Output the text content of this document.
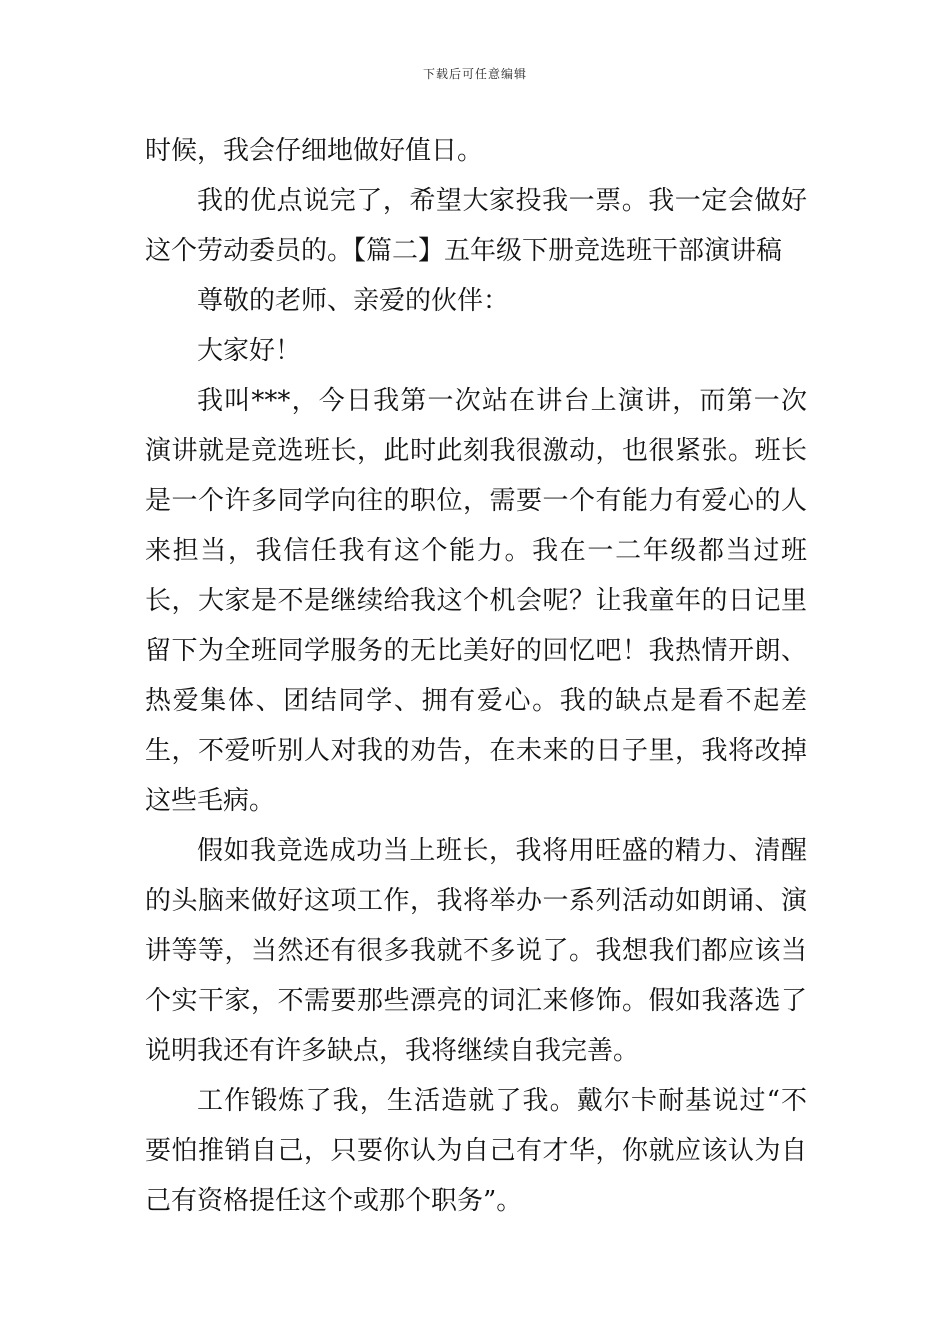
下载后可任意编辑

时候，我会仔细地做好值日。

我的优点说完了，希望大家投我一票。我一定会做好这个劳动委员的。【篇二】五年级下册竞选班干部演讲稿

尊敬的老师、亲爱的伙伴：

大家好！

我叫***，今日我第一次站在讲台上演讲，而第一次演讲就是竞选班长，此时此刻我很激动，也很紧张。班长是一个许多同学向往的职位，需要一个有能力有爱心的人来担当，我信任我有这个能力。我在一二年级都当过班长，大家是不是继续给我这个机会呢？让我童年的日记里留下为全班同学服务的无比美好的回忆吧！我热情开朗、热爱集体、团结同学、拥有爱心。我的缺点是看不起差生，不爱听别人对我的劝告，在未来的日子里，我将改掉这些毛病。

假如我竞选成功当上班长，我将用旺盛的精力、清醒的头脑来做好这项工作，我将举办一系列活动如朗诵、演讲等等，当然还有很多我就不多说了。我想我们都应该当个实干家，不需要那些漂亮的词汇来修饰。假如我落选了说明我还有许多缺点，我将继续自我完善。

工作锻炼了我，生活造就了我。戴尔卡耐基说过“不要怕推销自己，只要你认为自己有才华，你就应该认为自己有资格提任这个或那个职务”。
